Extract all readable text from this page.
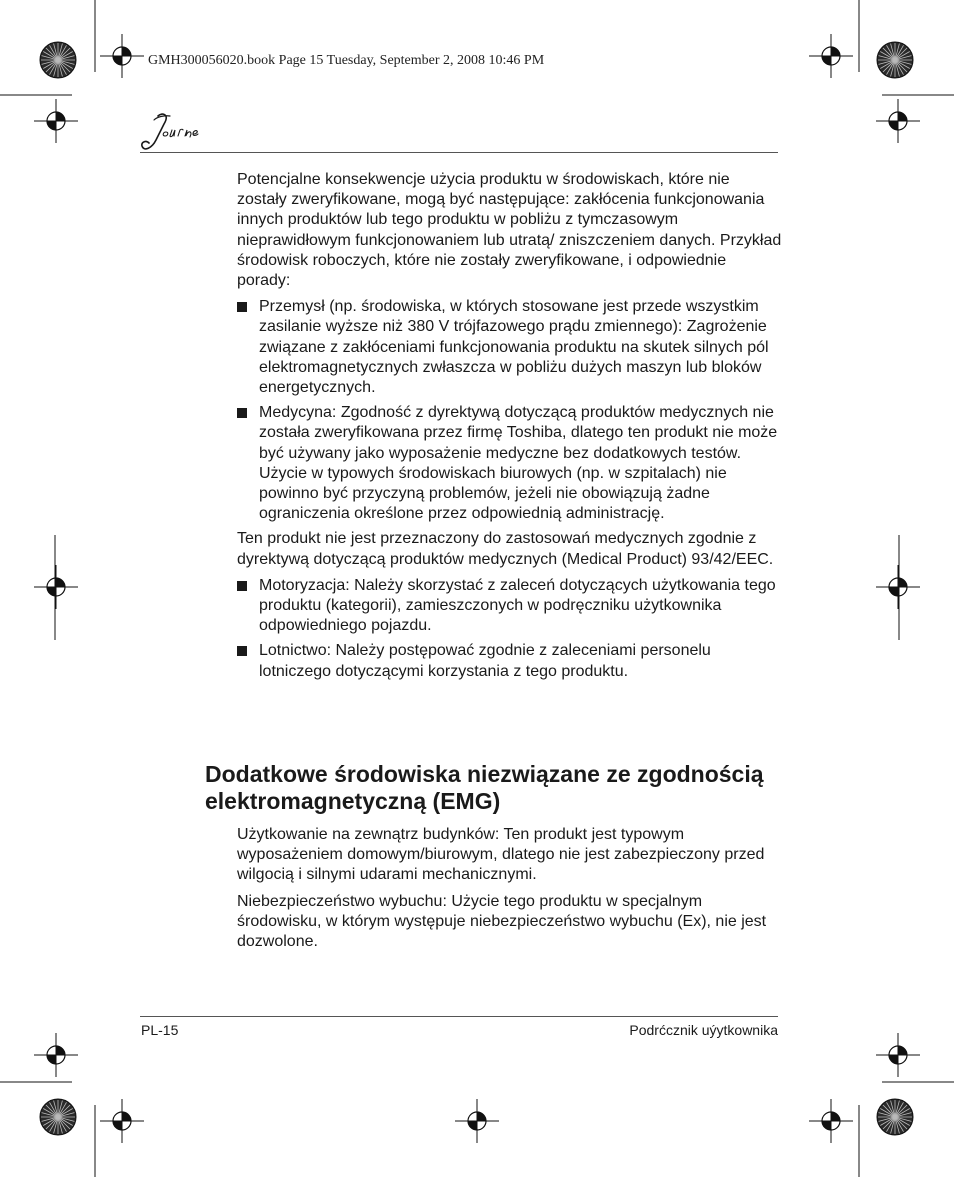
GMH300056020.book Page 15 Tuesday, September 2, 2008 10:46 PM

Potencjalne konsekwencje użycia produktu w środowiskach, które nie zostały zweryfikowane, mogą być następujące: zakłócenia funkcjonowania innych produktów lub tego produktu w pobliżu z tymczasowym nieprawidłowym funkcjonowaniem lub utratą/ zniszczeniem danych. Przykład środowisk roboczych, które nie zostały zweryfikowane, i odpowiednie porady:

Przemysł (np. środowiska, w których stosowane jest przede wszystkim zasilanie wyższe niż 380 V trójfazowego prądu zmiennego): Zagrożenie związane z zakłóceniami funkcjonowania produktu na skutek silnych pól elektromagnetycznych zwłaszcza w pobliżu dużych maszyn lub bloków energetycznych.
Medycyna: Zgodność z dyrektywą dotyczącą produktów medycznych nie została zweryfikowana przez firmę Toshiba, dlatego ten produkt nie może być używany jako wyposażenie medyczne bez dodatkowych testów. Użycie w typowych środowiskach biurowych (np. w szpitalach) nie powinno być przyczyną problemów, jeżeli nie obowiązują żadne ograniczenia określone przez odpowiednią administrację.

Ten produkt nie jest przeznaczony do zastosowań medycznych zgodnie z dyrektywą dotyczącą produktów medycznych (Medical Product) 93/42/EEC.

Motoryzacja: Należy skorzystać z zaleceń dotyczących użytkowania tego produktu (kategorii), zamieszczonych w podręczniku użytkownika odpowiedniego pojazdu.
Lotnictwo: Należy postępować zgodnie z zaleceniami personelu lotniczego dotyczącymi korzystania z tego produktu.
Dodatkowe środowiska niezwiązane ze zgodnością elektromagnetyczną (EMG)

Użytkowanie na zewnątrz budynków: Ten produkt jest typowym wyposażeniem domowym/biurowym, dlatego nie jest zabezpieczony przed wilgocią i silnymi udarami mechanicznymi.

Niebezpieczeństwo wybuchu: Użycie tego produktu w specjalnym środowisku, w którym występuje niebezpieczeństwo wybuchu (Ex), nie jest dozwolone.

PL-15	Podrćcznik uýytkownika
